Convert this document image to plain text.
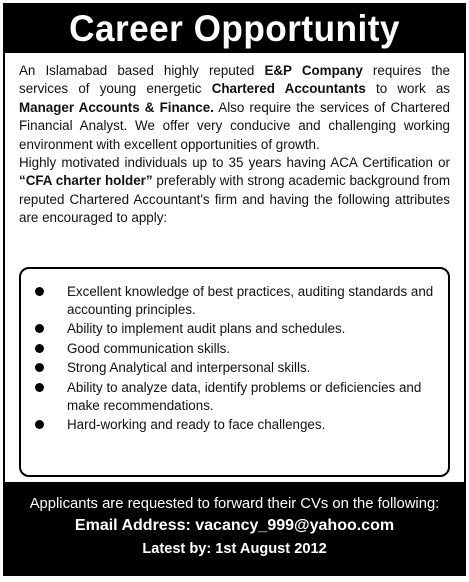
Career Opportunity

An Islamabad based highly reputed E&P Company requires the services of young energetic Chartered Accountants to work as Manager Accounts & Finance. Also require the services of Chartered Financial Analyst. We offer very conducive and challenging working environment with excellent opportunities of growth.

Highly motivated individuals up to 35 years having ACA Certification or “CFA charter holder” preferably with strong academic background from reputed Chartered Accountant's firm and having the following attributes are encouraged to apply:

Excellent knowledge of best practices, auditing standards and accounting principles.
Ability to implement audit plans and schedules.
Good communication skills.
Strong Analytical and interpersonal skills.
Ability to analyze data, identify problems or deficiencies and make recommendations.
Hard-working and ready to face challenges.
Applicants are requested to forward their CVs on the following:
Email Address: vacancy_999@yahoo.com
Latest by: 1st August 2012
